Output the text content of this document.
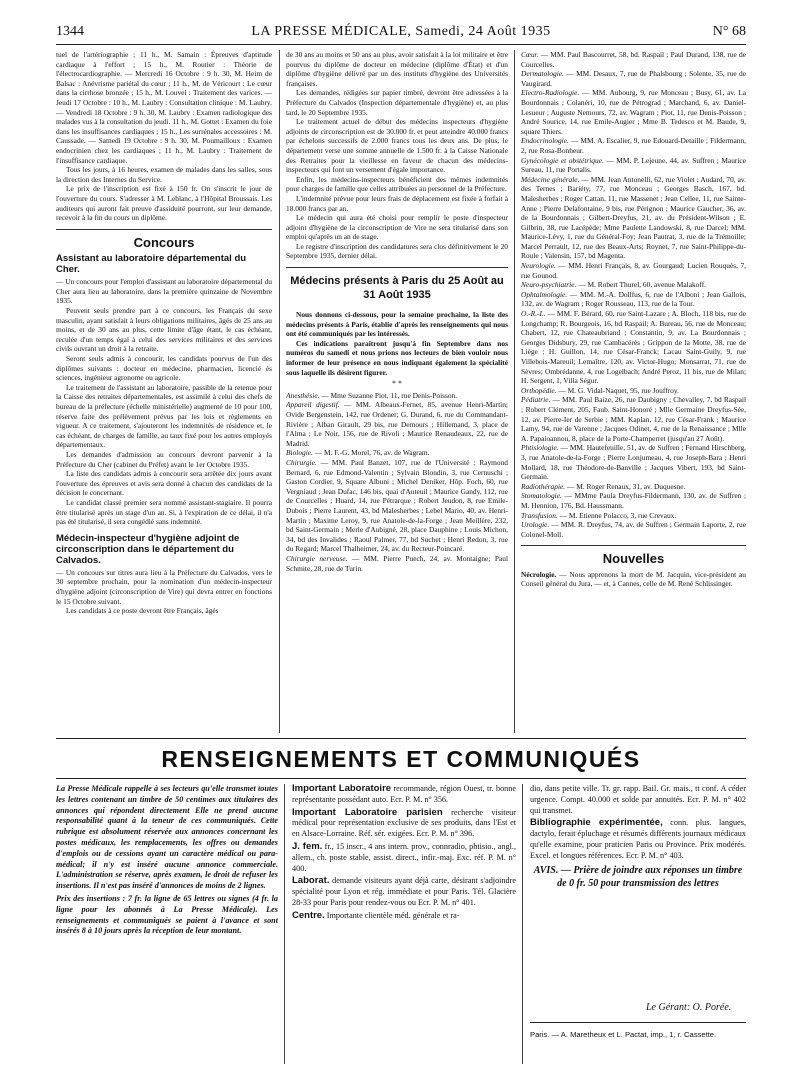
1344	LA PRESSE MÉDICALE, Samedi, 24 Août 1935	N° 68

tuel de l'artériographie ; 11 h., M. Samain : Épreuves d'aptitude cardiaque à l'effort ; 15 h., M. Routier : Théorie de l'électrocardiographie. — Mercredi 16 Octobre : 9 h. 30, M. Heim de Balsac : Anévrisme pariétal du cœur ; 11 h., M. de Véricourt : Le cœur dans la cirrhose bronzée ; 15 h., M. Louvel : Traitement des varices. — Jeudi 17 Octobre : 10 h., M. Laubry : Consultation clinique : M. Laubry. — Vendredi 18 Octobre : 9 h. 30, M. Laubry : Examen radiologique des malades vus à la consultation du jeudi. 11 h., M. Gottet : Examen du foie dans les insuffisances cardiaques ; 15 h., Les surrénales accessoires : M. Caussade. — Samedi 19 Octobre : 9 h. 30, M. Poumailloux : Examen endocrinien chez les cardiaques ; 11 h., M. Laubry : Traitement de l'insuffisance cardiaque.

Tous les jours, à 16 heures, examen de malades dans les salles, sous la direction des Internes du Service.

Le prix de l'inscription est fixé à 150 fr. On s'inscrit le jour de l'ouverture du cours. S'adresser à M. Leblanc, à l'Hôpital Broussais. Les auditeurs qui auront fait preuve d'assiduité pourront, sur leur demande, recevoir à la fin du cours un diplôme.

Concours
Assistant au laboratoire départemental du Cher.

— Un concours pour l'emploi d'assistant au laboratoire départemental du Cher aura lieu au laboratoire, dans la première quinzaine de Novembre 1935.

Peuvent seuls prendre part à ce concours, les Français du sexe masculin, ayant satisfait à leurs obligations militaires, âgés de 25 ans au moins, et de 30 ans au plus, cette limite d'âge étant, le cas échéant, reculée d'un temps égal à celui des services militaires et des services civils ouvrant un droit à la retraite.

Seront seuls admis à concourir, les candidats pourvus de l'un des diplômes suivants : docteur en médecine, pharmacien, licencié ès sciences, ingénieur agronome ou agricole.

Le traitement de l'assistant au laboratoire, passible de la retenue pour la Caisse des retraites départementales, est assimilé à celui des chefs de bureau de la préfecture (échelle ministérielle) augmenté de 10 pour 100, réserve faite des prélèvement prévus par les lois et règlements en vigueur. A ce traitement, s'ajouteront les indemnités de résidence et, le cas échéant, de charges de famille, au taux fixé pour les autres employés départementaux.

Les demandes d'admission au concours devront parvenir à la Préfecture du Cher (cabinet du Préfet) avant le 1er Octobre 1935.

La liste des candidats admis à concourir sera arrêtée dix jours avant l'ouverture des épreuves et avis sera donné à chacun des candidats de la décision le concernant.

Le candidat classé premier sera nommé assistant-stagiaire. Il pourra être titularisé après un stage d'un an. Si, à l'expiration de ce délai, il n'a pas été titularisé, il sera congédié sans indemnité.

Médecin-inspecteur d'hygiène adjoint de circonscription dans le département du Calvados.

— Un concours sur titres aura lieu à la Préfecture du Calvados, vers le 30 septembre prochain, pour la nomination d'un médecin-inspecteur d'hygiène adjoint (circonscription de Vire) qui devra entrer en fonctions le 15 Octobre suivant.

Les candidats à ce poste devront être Français, âgés

de 30 ans au moins et 50 ans au plus, avoir satisfait à la loi militaire et être pourvus du diplôme de docteur en médecine (diplôme d'État) et d'un diplôme d'hygiène délivré par un des instituts d'hygiène des Universités françaises.

Les demandes, rédigées sur papier timbré, devront être adressées à la Préfecture du Calvados (Inspection départementale d'hygiène) et, au plus tard, le 20 Septembre 1935.

Le traitement actuel de début des médecins inspecteurs d'hygiène adjoints de circonscription est de 30.000 fr. et peut atteindre 40.000 francs par échelons successifs de 2.000 francs tous les deux ans. De plus, le département verse une somme annuelle de 1.500 fr. à la Caisse Nationale des Retraites pour la vieillesse en faveur de chacun des médecins-inspecteurs qui font un versement d'égale importance.

Enfin, les médecins-inspecteurs bénéficient des mêmes indemnités pour charges de famille que celles attribuées au personnel de la Préfecture.

L'indemnité prévue pour leurs frais de déplacement est fixée à forfait à 18.000 francs par an.

Le médecin qui aura été choisi pour remplir le poste d'inspecteur adjoint d'hygiène de la circonscription de Vire ne sera titularisé dans son emploi qu'après un an de stage.

Le registre d'inscription des candidatures sera clos définitivement le 20 Septembre 1935, dernier délai.

Médecins présents à Paris du 25 Août au 31 Août 1935

Nous donnons ci-dessous, pour la semaine prochaine, la liste des médecins présents à Paris, établie d'après les renseignements qui nous ont été communiqués par les intéressés.

Ces indications paraîtront jusqu'à fin Septembre dans nos numéros du samedi et nous prions nos lecteurs de bien vouloir nous informer de leur présence en nous indiquant également la spécialité sous laquelle ils désirent figurer.

* *

Anesthésie. — Mme Suzanne Piot, 11, rue Denis-Poisson.

Appareil digestif. — MM. Albeaux-Fernet, 85, avenue Henri-Martin; Ovide Bergenstein, 142, rue Ordener; G. Durand, 6, rue du Commandant-Rivière ; Alban Girault, 29 bis, rue Demours ; Hillemand, 3, place de l'Alma ; Le Noir, 156, rue de Rivoli ; Maurice Renaudeaux, 22, rue de Madrid.

Biologie. — M. F.-G. Morel, 76, av. de Wagram.

Chirurgie. — MM. Paul Banzet, 107, rue de l'Université ; Raymond Bernard, 6, rue Edmond-Valentin ; Sylvain Blondin, 3, rue Cernuschi ; Gaston Cordier, 9, Square Albuni ; Michel Deniker, Hôp. Foch, 60, rue Vergniaud ; Jean Dufac, 146 bis, quai d'Auteuil ; Maurice Gandy, 112, rue de Courcelles ; Huard, 14, rue Pétrarque ; Robert Jeudon, 8, rue Emile-Dubois ; Pierre Laurent, 43, bd Malesherbes ; Lebel Mario, 40, av. Henri-Martin ; Maxime Leroy, 9, rue Anatole-de-la-Forge ; Jean Meillère, 232, bd Saint-Germain ; Merle d'Aubigné, 28, place Dauphine ; Louis Michon, 34, bd des Invalides ; Raoul Palmer, 77, bd Suchet ; Henri Redon, 3, rue du Regard; Marcel Thalheimer, 24, av. du Recteur-Poincaré.

Chirurgie nerveuse. — MM. Pierre Puech, 24, av. Montaigne; Paul Schmite, 28, rue de Turin.

Cœur. — MM. Paul Bascourret, 58, bd. Raspail ; Paul Durand, 138, rue de Courcelles.

Dermatologie. — MM. Desaux, 7, rue de Phalsbourg ; Solente, 35, rue de Vaugirard.

Electro-Radiologie. — MM. Aubourg, 9, rue Monceau ; Busy, 61, av. La Bourdonnais ; Colanéri, 10, rue de Pétrograd ; Marchand, 6, av. Daniel-Lesueur ; Auguste Nemours, 72, av. Wagram ; Piot, 11, rue Denis-Poisson ; André Sourice, 14, rue Emile-Augier ; Mme B. Tedesco et M. Baude, 9, square Thiers.

Endocrinologie. — MM. A. Escalier, 9, rue Edouard-Detaille ; Fildermann, 2, rue Rosa-Bonheur.

Gynécologie et obstétrique. — MM. P. Lejeune, 44, av. Suffren ; Maurice Sureau, 11, rue Portalis.

Médecine générale. — MM. Jean Antonelli, 62, rue Violet ; Audard, 70, av. des Ternes ; Bariéty, 77, rue Monceau ; Georges Basch, 167, bd. Malesherbes ; Roger Cattan, 11, rue Massenet ; Jean Cellee, 11, rue Sainte-Anne ; Pierre Delafontaine, 9 bis, rue Pérignon ; Maurice Gaucher, 36, av. de la Bourdonnais ; Gilbert-Dreyfus, 21, av. du Président-Wilson ; E. Gilbrin, 38, rue Lacépède; Mme Paulette Landowski, 8, rue Darcel; MM. Maurice-Lévy, 1, rue du Général-Foy; Jean Pautrat, 3, rue de la Trémoille; Marcel Perrault, 12, rue des Beaux-Arts; Roynet, 7, rue Saint-Philippe-du-Roule ; Valensin, 157, bd Magenta.

Neurologie. — MM. Henri Français, 8, av. Gourgaud; Lucien Rouquès, 7, rue Gounod.

Neuro-psychiatrie. — M. Robert Thurel, 60, avenue Malakoff.

Ophtalmologie. — MM. M.-A. Dollfus, 6, rue de l'Alboni ; Jean Gallois, 132, av. de Wagram ; Roger Rousseau, 113, rue de la Tour.

O.-R.-L. — MM. F. Bérard, 60, rue Saint-Lazare ; A. Bloch, 118 bis, rue de Longchamp; R. Bourgeois, 16, bd Raspail; A. Bureau, 56, rue de Monceau; Chabert, 12, rue Chateaubriand ; Constantin, 9, av. La Bourdonnais ; Georges Didsbury, 29, rue Cambacérès ; Grippon de la Motte, 38, rue de Liège ; H. Guillon, 14, rue César-Franck; Lacau Saint-Guily, 9, rue Villebois-Mareuil; Lemaître, 120, av. Victor-Hugo; Monsarrat, 71, rue de Sèvres; Ombrédanne, 4, rue Logelbach; André Peroz, 11 bis, rue de Milan; H. Sergent, 1, Villa Ségur.

Orthopédie. — M. G. Vidal-Naquet, 95, rue Jouffroy.

Pédiatrie. — MM. Paul Baize, 26, rue Daubigny ; Chevalley, 7, bd Raspail ; Robert Clément, 205, Faub. Saint-Honoré ; Mlle Germaine Dreyfus-Sée, 12, av. Pierre-Ier de Serbie ; MM. Kaplan, 12, rue César-Frank ; Maurice Lamy, 94, rue de Varenne ; Jacques Odinet, 4, rue de la Renaissance ; Mlle A. Papaioannou, 8, place de la Porte-Champerret (jusqu'au 27 Août).

Phtisiologie. — MM. Hautefeuille, 51, av. de Suffren ; Fernand Hirschberg, 3, rue Anatole-de-la-Forge ; Pierre Lonjumeau, 4, rue Joseph-Bara ; Henri Mollard, 18, rue Théodore-de-Banville ; Jacques Vibert, 193, bd Saint-Germain.

Radiothérapie. — M. Roger Renaux, 31, av. Duquesne.

Stomatologie. — MMme Paula Dreyfus-Fildermann, 130, av. de Suffren ; M. Hennion, 176, Bd. Haussmann.

Transfusion. — M. Etienne Polacco, 3, rue Crevaux.

Urologie. — MM. R. Dreyfus, 74, av. de Suffren ; Germain Laporte, 2, rue Colonel-Moll.

Nouvelles

Nécrologie. — Nous apprenons la mort de M. Jacquin, vice-président au Conseil général du Jura, — et, à Cannes, celle de M. René Schlissinger.

RENSEIGNEMENTS ET COMMUNIQUÉS

La Presse Médicale rappelle à ses lecteurs qu'elle transmet toutes les lettres contenant un timbre de 50 centimes aux titulaires des annonces qui répondent directement Elle ne prend aucune responsabilité quant à la teneur de ces communiqués. Cette rubrique est absolument réservée aux annonces concernant les postes médicaux, les remplacements, les offres ou demandes d'emplois ou de cessions ayant un caractère médical ou para-médical; il n'y est inséré aucune annonce commerciale. L'administration se réserve, après examen, le droit de refuser les insertions. Il n'est pas inséré d'annonces de moins de 2 lignes.

Prix des insertions : 7 fr. la ligne de 65 lettres ou signes (4 fr. la ligne pour les abonnés à La Presse Médicale). Les renseignements et communiqués se paient à l'avance et sont insérés 8 à 10 jours après la réception de leur montant.

Important Laboratoire recommande, région Ouest, tr. bonne représentante possédant auto. Ecr. P. M. n° 356.

Important Laboratoire parisien recherche visiteur médical pour représentation exclusive de ses produits, dans l'Est et en Alsace-Lorraine. Réf. sér. exigées. Ecr. P. M. n° 396.

J. fem. fr., 15 inscr., 4 ans intern. prov., connradio, phtisio., angl., allem., ch. poste stable, assist. direct., infir.-maj. Exc. réf. P. M. n° 400.

Laborat. demande visiteurs ayant déjà carte, désirant s'adjoindre spécialité pour Lyon et rég. immédiate et pour Paris. Tél. Glacière 28-33 pour Paris pour rendez-vous ou Ecr. P. M. n° 401.

Centre. Importante clientèle méd. générale et ra-

dio, dans petite ville. Tr. gr. rapp. Bail. Gr. mais., tt conf. A céder urgence. Compt. 40.000 et solde par annuités. Ecr. P. M. n° 402 qui transmet.

Bibliographie expérimentée, conn. plus. langues, dactylo, ferait épluchage et résumés différents journaux médicaux qu'elle examine, pour praticien Paris ou Province. Prix modérés. Excel. et longues références. Ecr. P. M. n° 403.

AVIS. — Prière de joindre aux réponses un timbre de 0 fr. 50 pour transmission des lettres
Le Gérant: O. Porée.
Paris. — A. Maretheux et L. Pactat, imp., 1, r. Cassette.
